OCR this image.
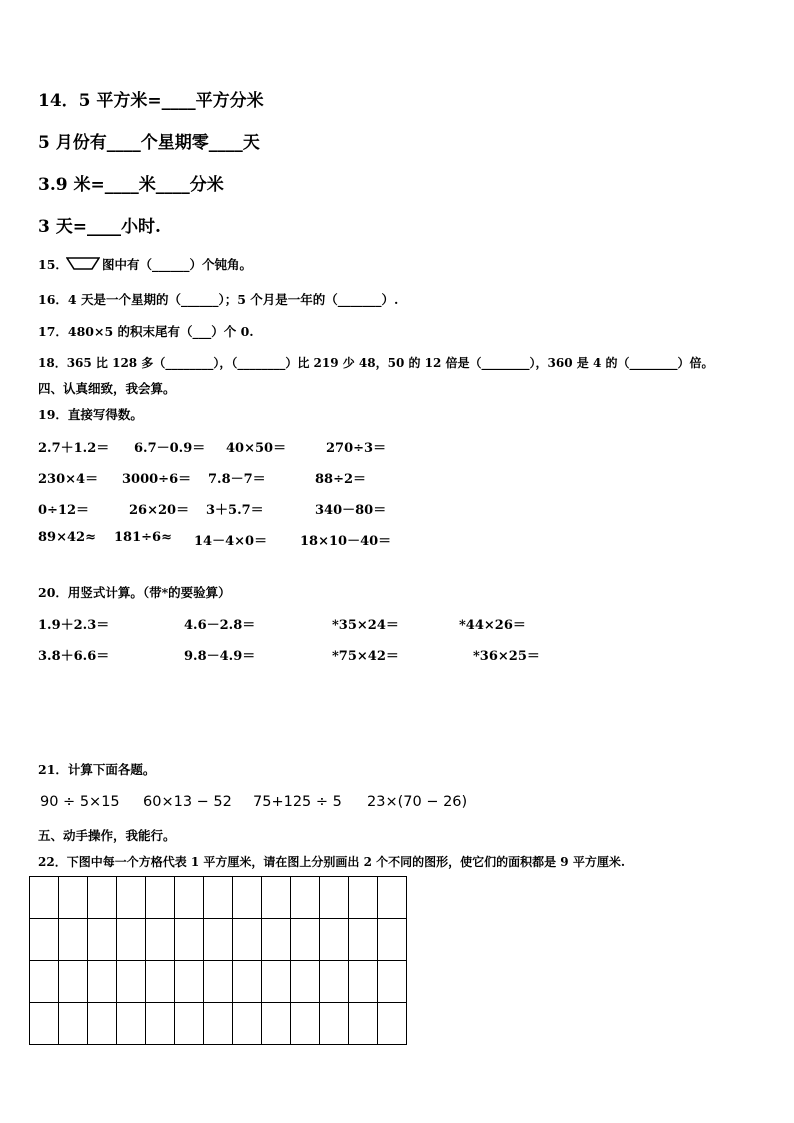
14．5 平方米=____平方分米
5 月份有____个星期零____天
3.9 米=____米____分米
3 天=____小时.
15．	图中有（______）个钝角。
16．4 天是一个星期的（______）；5 个月是一年的（_______）.
17．480×5 的积末尾有（___）个 0.
18．365 比 128 多（________），（________）比 219 少 48，50 的 12 倍是（________），360 是 4 的（________）倍。
四、认真细致，我会算。
19．直接写得数。
2.7＋1.2＝ 6.7－0.9＝ 40×50＝	270÷3＝
230×4＝ 3000÷6＝ 7.8－7＝	88÷2＝
0÷12＝	26×20＝ 3＋5.7＝	340－80＝
89×42≈ 181÷6≈ 14－4×0＝	18×10－40＝
20．用竖式计算。（带*的要验算）
1.9＋2.3＝	4.6－2.8＝	*35×24＝	*44×26＝
3.8＋6.6＝	9.8－4.9＝	*75×42＝	*36×25＝
21．计算下面各题。
90 ÷ 5×15 60×13 − 52 75+125 ÷ 5 23×(70 − 26)
五、动手操作，我能行。
22．下图中每一个方格代表 1 平方厘米，请在图上分别画出 2 个不同的图形，使它们的面积都是 9 平方厘米.
